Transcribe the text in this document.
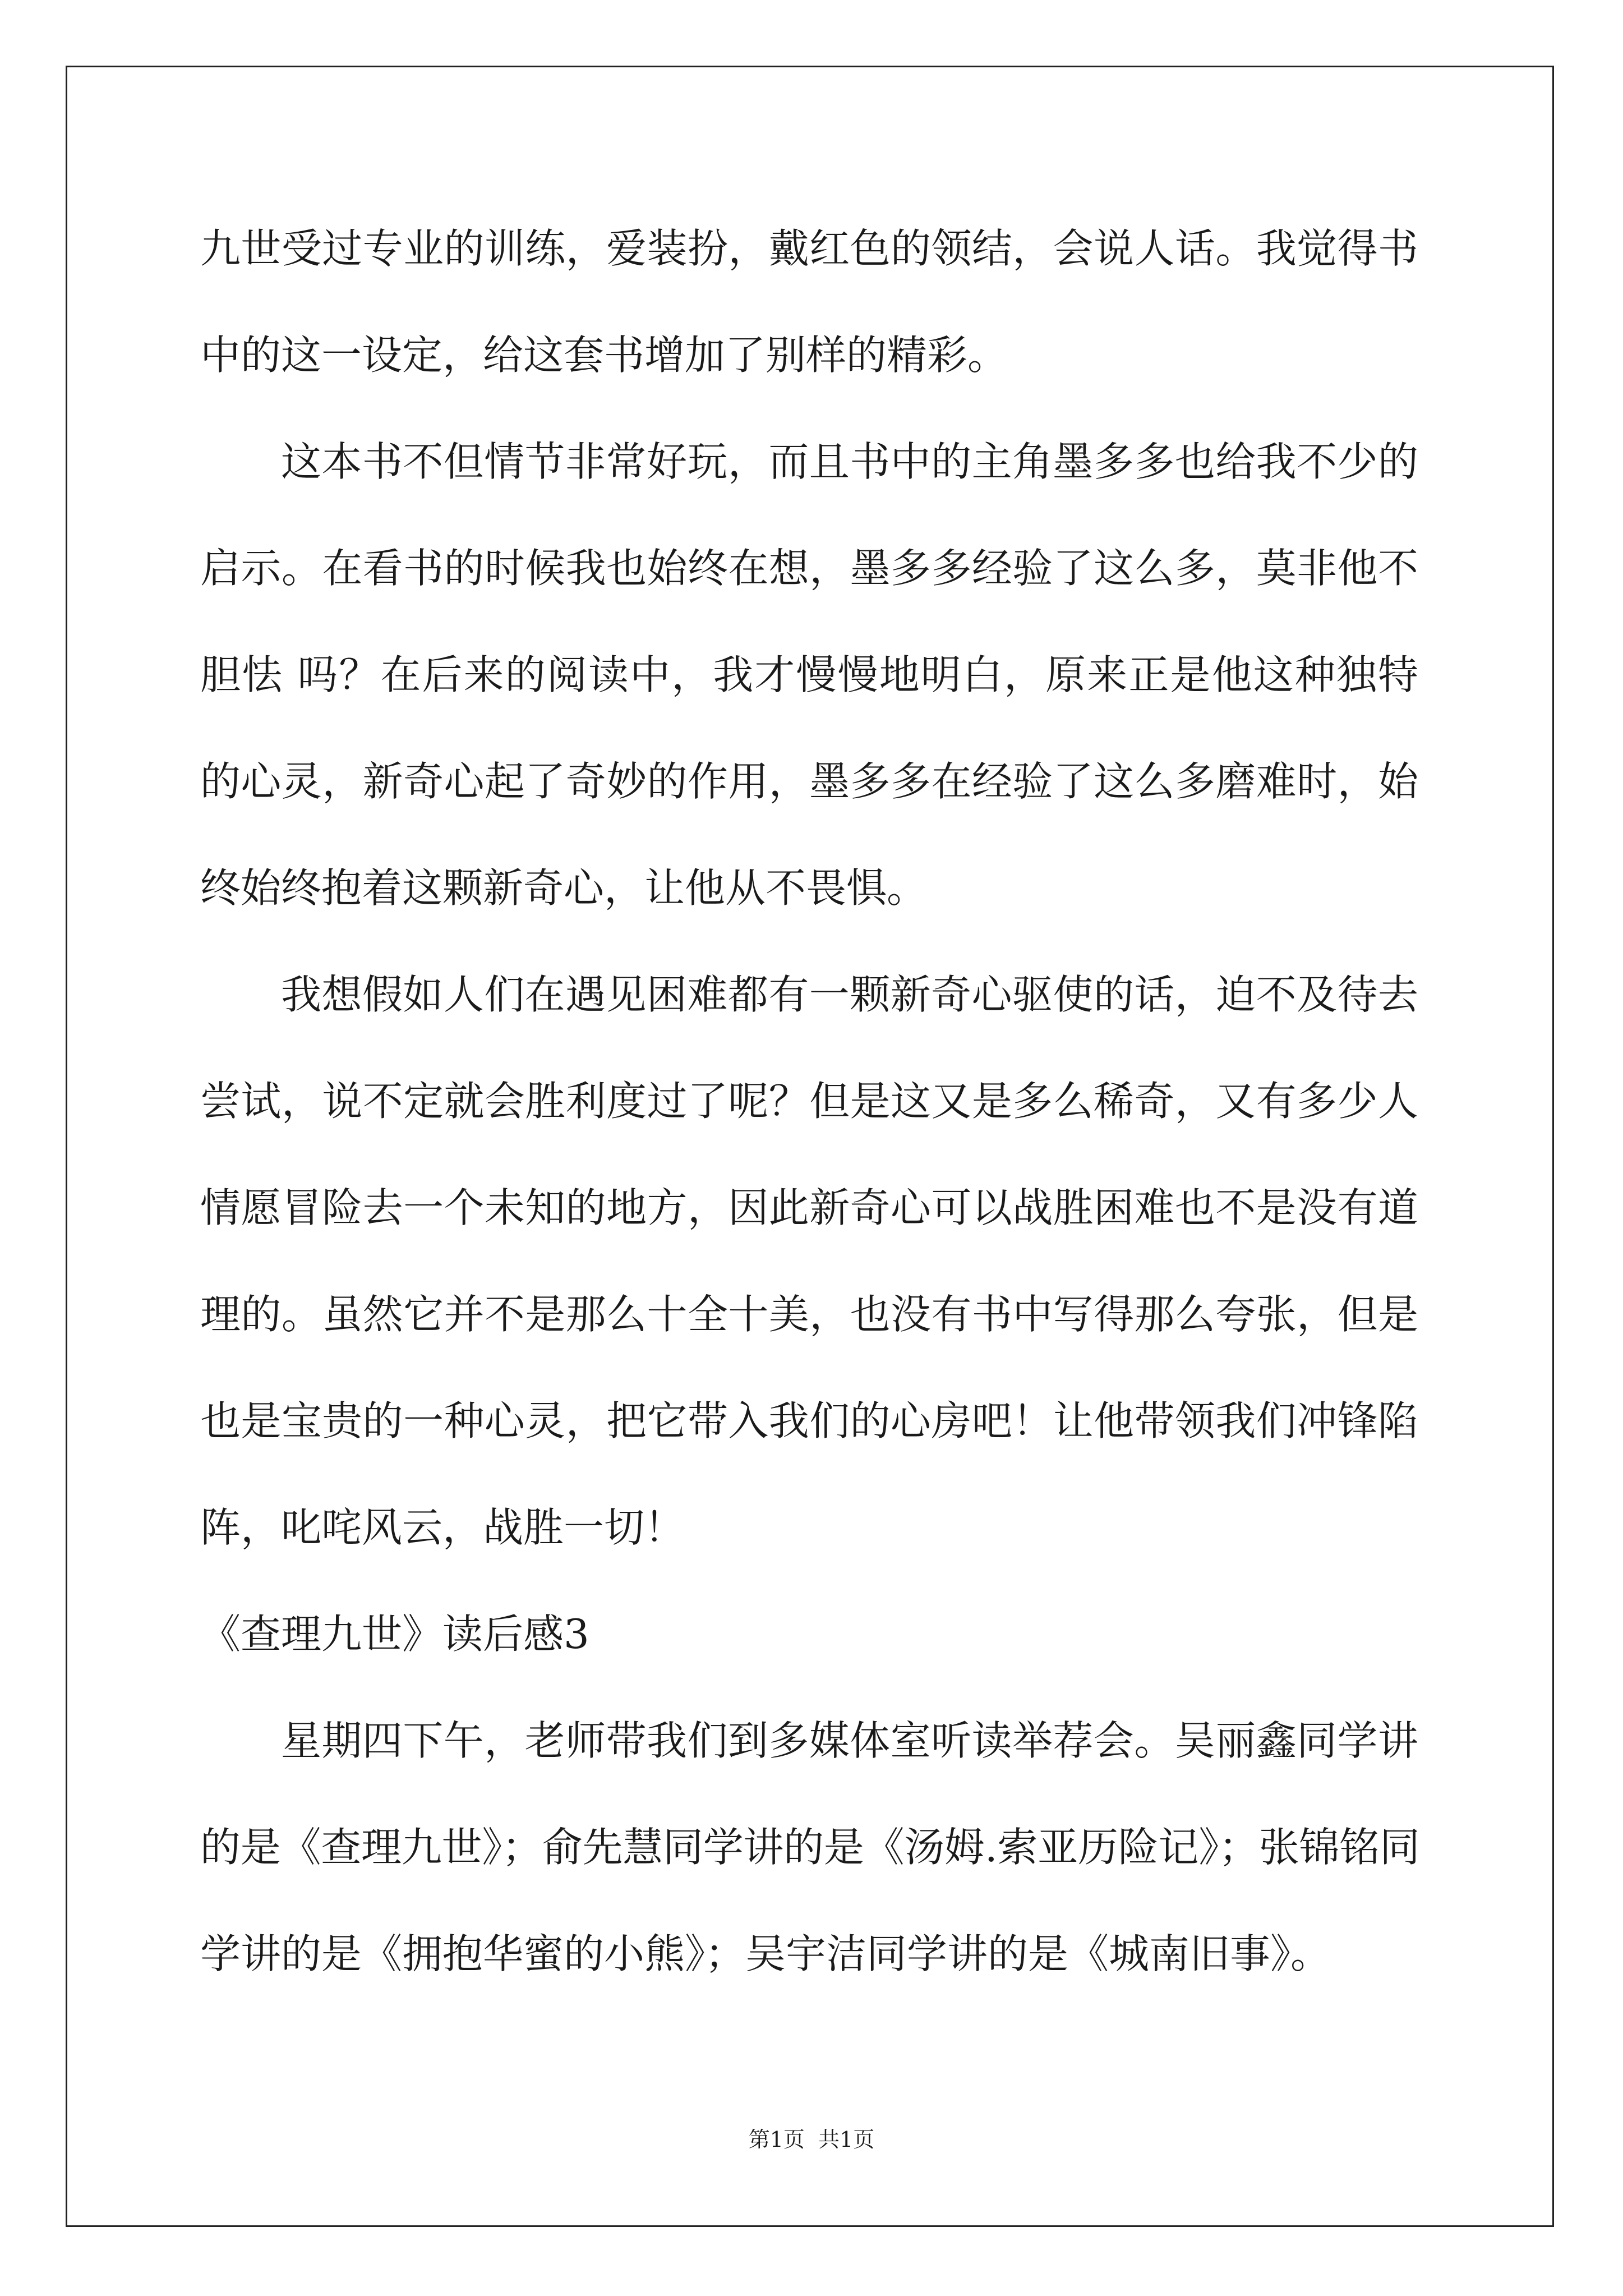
九世受过专业的训练，爱装扮，戴红色的领结，会说人话。我觉得书
中的这一设定，给这套书增加了别样的精彩。
这本书不但情节非常好玩，而且书中的主角墨多多也给我不少的
启示。在看书的时候我也始终在想，墨多多经验了这么多，莫非他不
胆怯 吗？在后来的阅读中，我才慢慢地明白，原来正是他这种独特
的心灵，新奇心起了奇妙的作用，墨多多在经验了这么多磨难时，始
终始终抱着这颗新奇心，让他从不畏惧。
我想假如人们在遇见困难都有一颗新奇心驱使的话，迫不及待去
尝试，说不定就会胜利度过了呢？但是这又是多么稀奇，又有多少人
情愿冒险去一个未知的地方，因此新奇心可以战胜困难也不是没有道
理的。虽然它并不是那么十全十美，也没有书中写得那么夸张，但是
也是宝贵的一种心灵，把它带入我们的心房吧！让他带领我们冲锋陷
阵，叱咤风云，战胜一切！
《查理九世》读后感3
星期四下午，老师带我们到多媒体室听读举荐会。吴丽鑫同学讲
的是《查理九世》；俞先慧同学讲的是《汤姆.索亚历险记》；张锦铭同
学讲的是《拥抱华蜜的小熊》；吴宇洁同学讲的是《城南旧事》。
第1页  共1页
